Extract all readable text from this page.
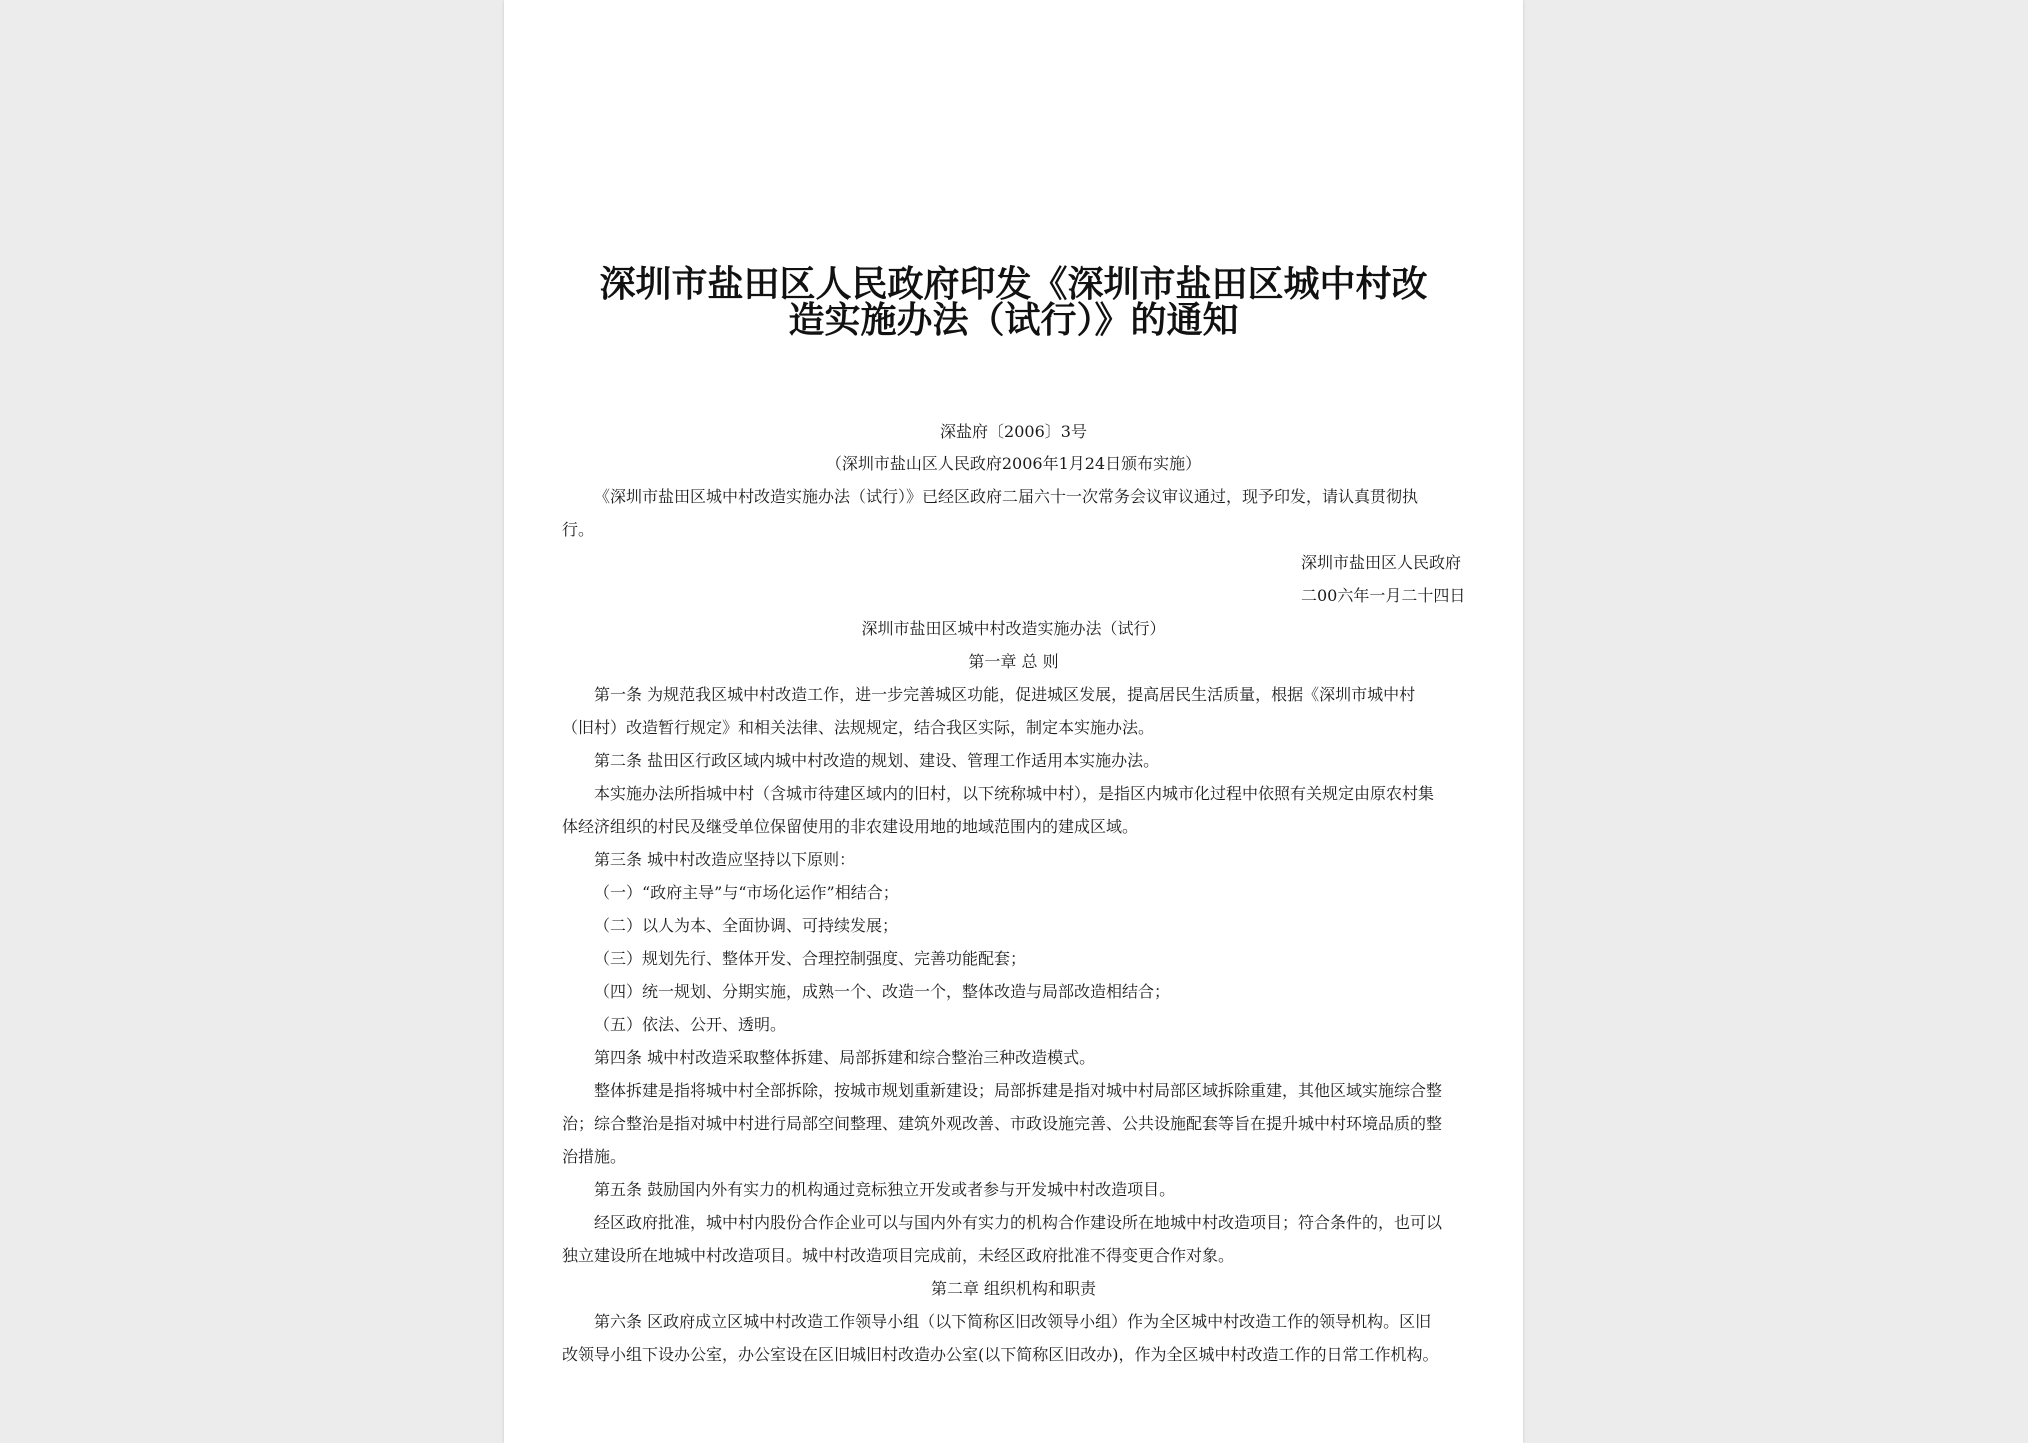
深圳市盐田区人民政府印发《深圳市盐田区城中村改
造实施办法（试行）》的通知
深盐府〔2006〕3号
（深圳市盐山区人民政府2006年1月24日颁布实施）
《深圳市盐田区城中村改造实施办法（试行）》已经区政府二届六十一次常务会议审议通过，现予印发，请认真贯彻执
行。
深圳市盐田区人民政府
二00六年一月二十四日
深圳市盐田区城中村改造实施办法（试行）
第一章 总 则
第一条 为规范我区城中村改造工作，进一步完善城区功能，促进城区发展，提高居民生活质量，根据《深圳市城中村
（旧村）改造暂行规定》和相关法律、法规规定，结合我区实际，制定本实施办法。
第二条 盐田区行政区域内城中村改造的规划、建设、管理工作适用本实施办法。
本实施办法所指城中村（含城市待建区域内的旧村，以下统称城中村），是指区内城市化过程中依照有关规定由原农村集
体经济组织的村民及继受单位保留使用的非农建设用地的地域范围内的建成区域。
第三条 城中村改造应坚持以下原则：
（一）“政府主导”与“市场化运作”相结合；
（二）以人为本、全面协调、可持续发展；
（三）规划先行、整体开发、合理控制强度、完善功能配套；
（四）统一规划、分期实施，成熟一个、改造一个，整体改造与局部改造相结合；
（五）依法、公开、透明。
第四条 城中村改造采取整体拆建、局部拆建和综合整治三种改造模式。
整体拆建是指将城中村全部拆除，按城市规划重新建设；局部拆建是指对城中村局部区域拆除重建，其他区域实施综合整
治；综合整治是指对城中村进行局部空间整理、建筑外观改善、市政设施完善、公共设施配套等旨在提升城中村环境品质的整
治措施。
第五条 鼓励国内外有实力的机构通过竞标独立开发或者参与开发城中村改造项目。
经区政府批准，城中村内股份合作企业可以与国内外有实力的机构合作建设所在地城中村改造项目；符合条件的，也可以
独立建设所在地城中村改造项目。城中村改造项目完成前，未经区政府批准不得变更合作对象。
第二章 组织机构和职责
第六条 区政府成立区城中村改造工作领导小组（以下简称区旧改领导小组）作为全区城中村改造工作的领导机构。区旧
改领导小组下设办公室，办公室设在区旧城旧村改造办公室(以下简称区旧改办)，作为全区城中村改造工作的日常工作机构。
